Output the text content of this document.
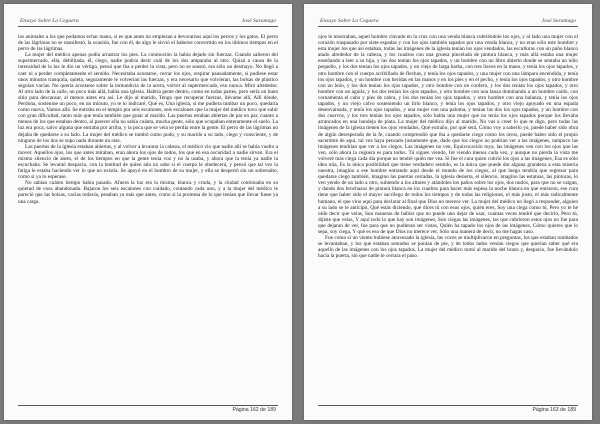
Ensayo Sobre La Ceguera	José Saramago

los animales a los que podamos echar mano, si es que antes no empiezan a devorarnos aquí los perros y los gatos. El perro de las lágrimas no se manifestó, la ocasión, fue con él, de algo le sirvió el haberse convertido en los últimos tiempos en el perro de las lágrimas.

La mujer del médico apenas podía arrastrar los pies. La conmoción la había dejado sin fuerzas. Cuando salieron del supermercado, ella, debilitada, él, ciego, nadie podría decir cuál de los dos amparaba al otro. Quizá a causa de la intensidad de la luz le dio un vértigo, pensó que iba a perder la vista, pero no se asustó, era sólo un desmayo. No llegó a caer ni a perder completamente el sentido. Necesitaba acostarse, cerrar los ojos, respirar pausadamente, si pudiese estar unos minutos tranquila, quieta, seguramente le volverían las fuerzas, y era necesario que volvieran, las bolsas de plástico seguían vacías. No quería acostarse sobre la inmundicia de la acera, volver al supermercado, eso nunca. Miró alrededor. Al otro lado de la calle, un poco más allá, había una iglesia. Habría gente dentro, como en todas partes, pero sería un buen sitio para descansar, al menos antes era así. Le dijo al marido, Tengo que recuperar fuerzas, llévame allí, Allí dónde, Perdona, sostenme un poco, en un minuto, yo te lo indicaré, Qué es, Una iglesia, si me pudiera tumbar un poco, quedaría como nueva, Vamos allá. Se entraba en el templo por seis escalones, seis escalones que la mujer del médico tuvo que subir con gran dificultad, tanto más que tenía también que guiar al marido. Las puertas estaban abiertas de par en par, cuanto a menos de los que estaban dentro, al parecer ella no sabía cuánta, mucha gente, sólo que ocupaban enteramente el suelo. La luz era poca, salvo alguna que entraba por arriba, y la poca que se veía se perdía entre la gente. El perro de las lágrimas no dejaba de quedarse a su lado. La mujer del médico se tumbó como pudo, y su marido a su lado, ciego y consciente, y de ninguno de los dos se supo nada durante un rato.

Las puertas de la iglesia estaban abiertas, y al volver a levantar la cabeza, el médico vio que nadie allí se había vuelto a mover. Aquellos ojos, los que antes miraban, eran ahora los ojos de todos, los que en esa oscuridad a nadie sirven. Era el mismo silencio de antes, el de los tiempos en que la gente tenía voz y no la usaba, y ahora que la tenía ya nadie la escuchaba. Se levantó despacio, con la lentitud de quien aún no sabe si el cuerpo le obedecerá, y pensó que tal vez la fatiga le estaba haciendo ver lo que no existía. Se apoyó en el hombro de su mujer, y ella se despertó sin un sobresalto, como si ya lo esperase.

No sabían cuánto tiempo había pasado. Afuera la luz era la misma, blanca y cruda, y la ciudad continuaba en su quietud de cosa abandonada. Bajaron los seis escalones con cuidado, contando cada uno, y a la mujer del médico le pareció que las bolsas, vacías todavía, pesaban ya más que antes, como si la promesa de lo que tenían que llevar fuese ya una carga.

Página 162 de 189
Ensayo Sobre La Ceguera	José Saramago

ojos le mostraban, aquel hombre clavado en la cruz con una venda blanca cubriéndole los ojos, y al lado una mujer con el corazón traspasado por siete espadas y con los ojos también tapados por una venda blanca, y no eran sólo este hombre y esta mujer los que así estaban, todas las imágenes de la iglesia tenían los ojos vendados, las esculturas con un paño blanco atado alrededor de la cabeza, y los cuadros con una gruesa pincelada de pintura blanca, y más allá estaba una mujer enseñando a leer a su hija, y las dos tenían los ojos tapados, y un hombre con un libro abierto donde se sentaba un niño pequeño, y los dos tenían los ojos tapados, y un viejo de larga barba, con tres llaves en la mano, y tenía los ojos tapados, y otro hombre con el cuerpo acribillado de flechas, y tenía los ojos tapados, y una mujer con una lámpara encendida, y tenía los ojos tapados, y un hombre con heridas en las manos y en los pies y en el pecho, y tenía los ojos tapados, y otro hombre con un león, y los dos tenían los ojos tapados, y otro hombre con un cordero, y los dos tenían los ojos tapados, y otro hombre con un águila, y los dos tenían los ojos tapados, y otro hombre con una lanza dominando a un hombre caído, con cornamenta el cabo y pies de cabra, y los dos tenían los ojos tapados, y otro hombre con una balanza, y tenía los ojos tapados, y un viejo calvo sosteniendo un lirio blanco, y tenía los ojos tapados, y otro viejo apoyado en una espada desenvainada, y tenía los ojos tapados, y una mujer con una paloma, y tenían las dos los ojos tapados, y un hombre con dos cuervos, y los tres tenían los ojos tapados, sólo había una mujer que no tenía los ojos tapados porque los llevaba arrancados en una bandeja de plata. La mujer del médico dijo al marido, No vas a creer lo que te digo, pero todas las imágenes de la iglesia tienen los ojos vendados, Qué extraño, por qué será, Cómo voy a saberlo yo, puede haber sido obra de algún desesperado de la fe, cuando comprendió que iba a quedarse ciego como los otros, puede haber sido el propio sacerdote de aquí, tal vez haya pensado justamente que, dado que los ciegos no podrían ver a las imágenes, tampoco las imágenes tendrían que ver a los ciegos. Las imágenes no ven, Equivocación tuya, las imágenes ven con los ojos que las ven, sólo ahora la ceguera es para todos. Tú sigues viendo, Iré viendo menos cada vez, y aunque no pierda la vista me volveré más ciega cada día porque no tendré quién me vea. Si fue el cura quien cubrió los ojos a las imágenes, Esa es sólo idea mía, Es la única posibilidad que tiene verdadero sentido, es la única que puede dar alguna grandeza a esta miseria nuestra, imagino a ese hombre entrando aquí desde el mundo de los ciegos, al que luego tendría que regresar para quedarse ciego también, imagino las puertas cerradas, la iglesia desierta, el silencio, imagino las estatuas, las pinturas, lo veo yendo de un lado a otro, subiendo a los altares y atándoles los paños sobre los ojos, dos nudos, para que no se caigan, y dando dos brochazos de pintura blanca en los cuadros para hacer más espesa la noche blanca en que entraron, ese cura tiene que haber sido el mayor sacrílego de todos los tiempos y de todas las religiones, el más justo, el más radicalmente humano, el que vino aquí para declarar al final que Dios no merece ver. La mujer del médico no llegó a responder, alguien a su lado se le anticipó, Qué estás diciendo, qué dices tú con esos ojos, quién eres, Soy una ciega como tú, Pero yo te he oído decir que veías, Son maneras de hablar que no puede uno dejar de usar, cuántas veces tendré que decirlo, Pero tú, dijiste que veías, Y aquí todo lo que hay son imágenes, Son ciegas las imágenes, las que cubrieron estos ojos no fue para que dejaran de ver, fue para que no pudieran ser vistas, Quién ha tapado los ojos de las imágenes, Cómo quieres que lo sepa, soy ciega, Y qué es eso de que Dios no merece ver, Sólo una manera de decir, no me hagas caso.

Fue como si un viento hubiese atravesado la iglesia, las voces se multiplicaron en preguntas, los que estaban tumbados se levantaban, y los que estaban sentados se ponían de pie, y de todos lados venían ciegos que querían saber qué era aquello de las imágenes con los ojos tapados. La mujer del médico tomó al marido del brazo y, despacio, fue llevándolo hacia la puerta, sin que nadie le cerrara el paso.

Página 163 de 189
